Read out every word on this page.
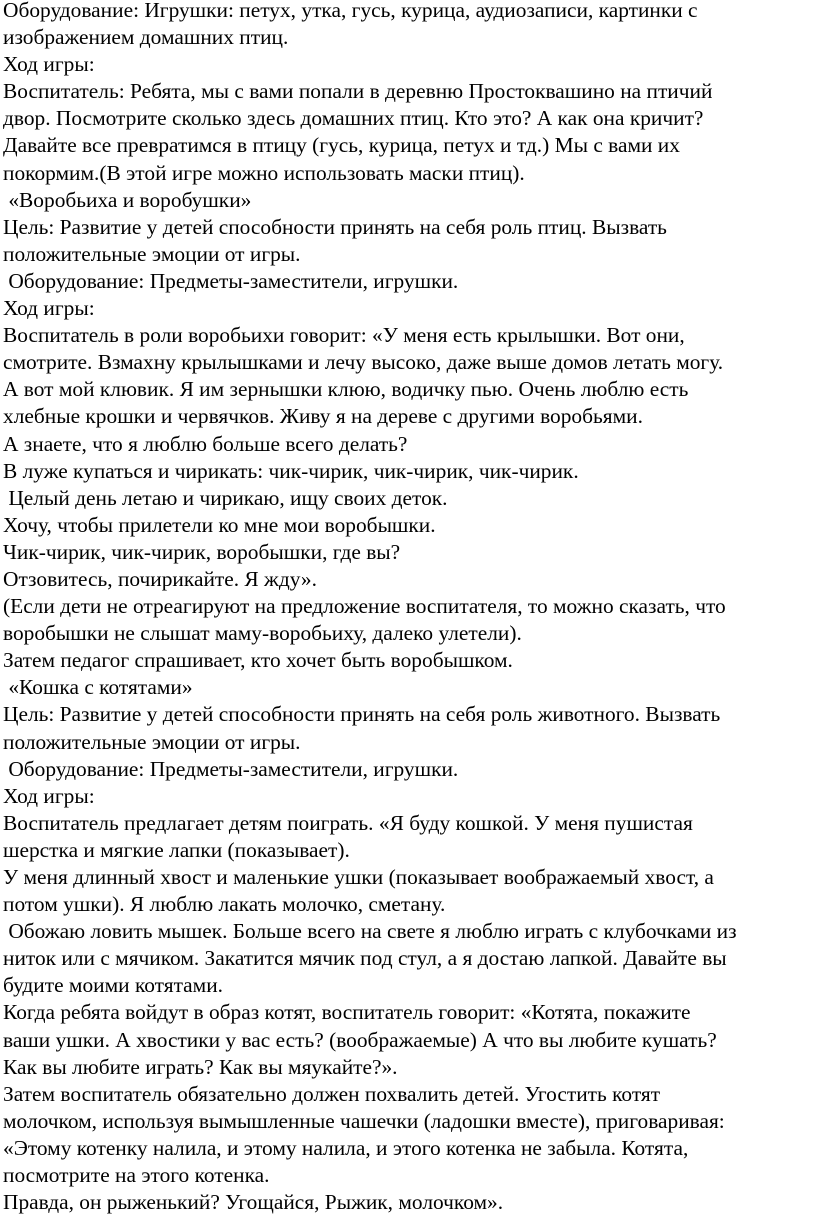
Оборудование: Игрушки: петух, утка, гусь, курица, аудиозаписи, картинки с
изображением домашних птиц.
Ход игры:
Воспитатель: Ребята, мы с вами попали в деревню Простоквашино на птичий
двор. Посмотрите сколько здесь домашних птиц. Кто это? А как она кричит?
Давайте все превратимся в птицу (гусь, курица, петух и тд.) Мы с вами их
покормим.(В этой игре можно использовать маски птиц).
«Воробьиха и воробушки»
Цель: Развитие у детей способности принять на себя роль птиц. Вызвать
положительные эмоции от игры.
Оборудование: Предметы-заместители, игрушки.
Ход игры:
Воспитатель в роли воробьихи говорит: «У меня есть крылышки. Вот они,
смотрите. Взмахну крылышками и лечу высоко, даже выше домов летать могу.
А вот мой клювик. Я им зернышки клюю, водичку пью. Очень люблю есть
хлебные крошки и червячков. Живу я на дереве с другими воробьями.
А знаете, что я люблю больше всего делать?
В луже купаться и чирикать: чик-чирик, чик-чирик, чик-чирик.
Целый день летаю и чирикаю, ищу своих деток.
Хочу, чтобы прилетели ко мне мои воробышки.
Чик-чирик, чик-чирик, воробышки, где вы?
Отзовитесь, почирикайте. Я жду».
(Если дети не отреагируют на предложение воспитателя, то можно сказать, что
воробышки не слышат маму-воробьиху, далеко улетели).
Затем педагог спрашивает, кто хочет быть воробышком.
«Кошка с котятами»
Цель: Развитие у детей способности принять на себя роль животного. Вызвать
положительные эмоции от игры.
Оборудование: Предметы-заместители, игрушки.
Ход игры:
Воспитатель предлагает детям поиграть. «Я буду кошкой. У меня пушистая
шерстка и мягкие лапки (показывает).
У меня длинный хвост и маленькие ушки (показывает воображаемый хвост, а
потом ушки). Я люблю лакать молочко, сметану.
Обожаю ловить мышек. Больше всего на свете я люблю играть с клубочками из
ниток или с мячиком. Закатится мячик под стул, а я достаю лапкой. Давайте вы
будите моими котятами.
Когда ребята войдут в образ котят, воспитатель говорит: «Котята, покажите
ваши ушки. А хвостики у вас есть? (воображаемые) А что вы любите кушать?
Как вы любите играть? Как вы мяукайте?».
Затем воспитатель обязательно должен похвалить детей. Угостить котят
молочком, используя вымышленные чашечки (ладошки вместе), приговаривая:
«Этому котенку налила, и этому налила, и этого котенка не забыла. Котята,
посмотрите на этого котенка.
Правда, он рыженький? Угощайся, Рыжик, молочком».
